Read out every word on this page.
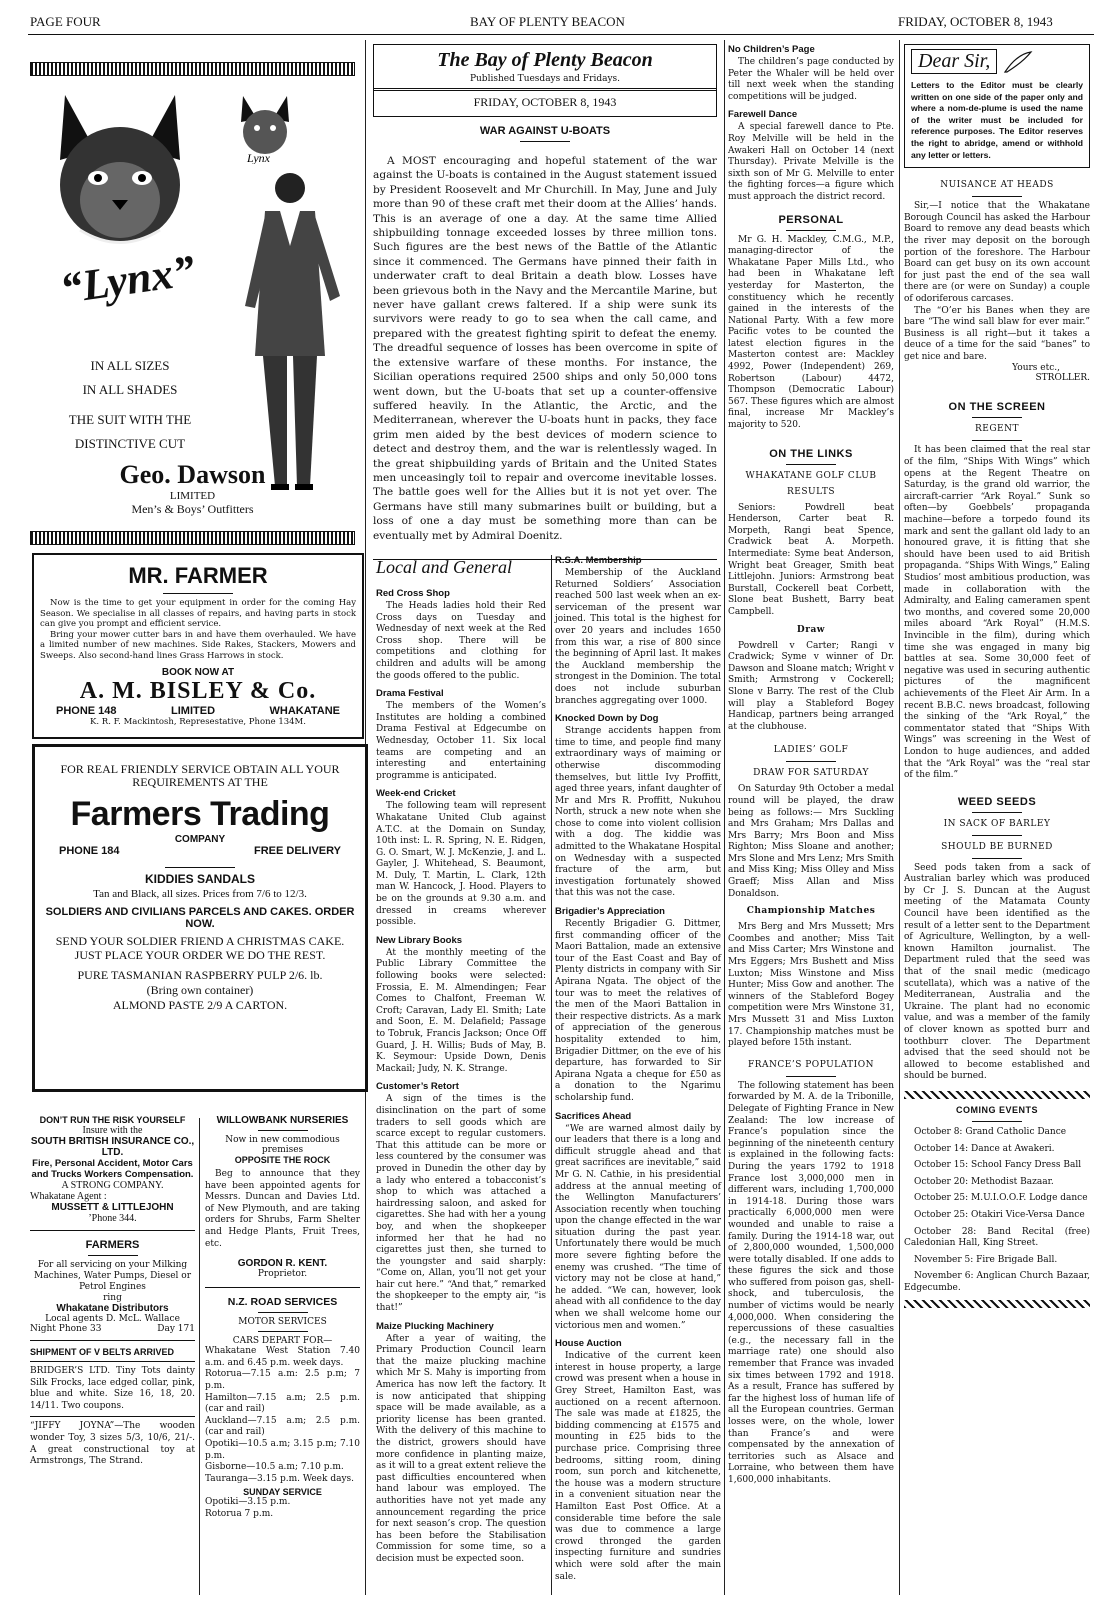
PAGE FOUR	BAY OF PLENTY BEACON	FRIDAY, OCTOBER 8, 1943
“Lynx”
Lynx
IN ALL SIZES
IN ALL SHADES
THE SUIT WITH THE
DISTINCTIVE CUT
Geo. Dawson
LIMITED
Men’s & Boys’ Outfitters
MR. FARMER

Now is the time to get your equipment in order for the coming Hay Season. We specialise in all classes of repairs, and having parts in stock can give you prompt and efficient service.

Bring your mower cutter bars in and have them overhauled. We have a limited number of new machines. Side Rakes, Stackers, Mowers and Sweeps. Also second-hand lines Grass Harrows in stock.

BOOK NOW AT
A. M. BISLEY & Co.
PHONE 148	LIMITED	WHAKATANE
K. R. F. Mackintosh, Represestative, Phone 134M.
FOR REAL FRIENDLY SERVICE OBTAIN ALL YOUR REQUIREMENTS AT THE
Farmers Trading
COMPANY
PHONE 184	FREE DELIVERY
KIDDIES SANDALS
Tan and Black, all sizes. Prices from 7/6 to 12/3.
SOLDIERS AND CIVILIANS PARCELS AND CAKES. ORDER NOW.
SEND YOUR SOLDIER FRIEND A CHRISTMAS CAKE. JUST PLACE YOUR ORDER WE DO THE REST.
PURE TASMANIAN RASPBERRY PULP 2/6. lb.
(Bring own container)
ALMOND PASTE 2/9 A CARTON.
DON’T RUN THE RISK YOURSELF
Insure with the
SOUTH BRITISH INSURANCE CO., LTD.
Fire, Personal Accident, Motor Cars and Trucks Workers Compensation.
A STRONG COMPANY.
Whakatane Agent :
MUSSETT & LITTLEJOHN
’Phone 344.
FARMERS
For all servicing on your Milking Machines, Water Pumps, Diesel or Petrol Engines
ring
Whakatane Distributors
Local agents D. McL. Wallace
Night Phone 33	Day 171
SHIPMENT OF V BELTS ARRIVED

BRIDGER’S LTD. Tiny Tots dainty Silk Frocks, lace edged collar, pink, blue and white. Size 16, 18, 20. 14/11. Two coupons.

“JIFFY JOYNA”—The wooden wonder Toy, 3 sizes 5/3, 10/6, 21/-. A great constructional toy at Armstrongs, The Strand.

WILLOWBANK NURSERIES
Now in new commodious premises
OPPOSITE THE ROCK

Beg to announce that they have been appointed agents for Messrs. Duncan and Davies Ltd. of New Plymouth, and are taking orders for Shrubs, Farm Shelter and Hedge Plants, Fruit Trees, etc.

GORDON R. KENT.
Proprietor.
N.Z. ROAD SERVICES
MOTOR SERVICES
CARS DEPART FOR—

Whakatane West Station 7.40 a.m. and 6.45 p.m. week days.

Rotorua—7.15 a.m: 2.5 p.m; 7 p.m.

Hamilton—7.15 a.m; 2.5 p.m. (car and rail)

Auckland—7.15 a.m; 2.5 p.m. (car and rail)

Opotiki—10.5 a.m; 3.15 p.m; 7.10 p.m.

Gisborne—10.5 a.m; 7.10 p.m.

Tauranga—3.15 p.m. Week days.

SUNDAY SERVICE

Opotiki—3.15 p.m.

Rotorua 7 p.m.

The Bay of Plenty Beacon
Published Tuesdays and Fridays.
FRIDAY, OCTOBER 8, 1943
WAR AGAINST U-BOATS

A MOST encouraging and hopeful statement of the war against the U-boats is contained in the August statement issued by President Roosevelt and Mr Churchill. In May, June and July more than 90 of these craft met their doom at the Allies’ hands. This is an average of one a day. At the same time Allied shipbuilding tonnage exceeded losses by three million tons. Such figures are the best news of the Battle of the Atlantic since it commenced. The Germans have pinned their faith in underwater craft to deal Britain a death blow. Losses have been grievous both in the Navy and the Mercantile Marine, but never have gallant crews faltered. If a ship were sunk its survivors were ready to go to sea when the call came, and prepared with the greatest fighting spirit to defeat the enemy. The dreadful sequence of losses has been overcome in spite of the extensive warfare of these months. For instance, the Sicilian operations required 2500 ships and only 50,000 tons went down, but the U-boats that set up a counter-offensive suffered heavily. In the Atlantic, the Arctic, and the Mediterranean, wherever the U-boats hunt in packs, they face grim men aided by the best devices of modern science to detect and destroy them, and the war is relentlessly waged. In the great shipbuilding yards of Britain and the United States men unceasingly toil to repair and overcome inevitable losses. The battle goes well for the Allies but it is not yet over. The Germans have still many submarines built or building, but a loss of one a day must be something more than can be eventually met by Admiral Doenitz.

Local and General
Red Cross Shop

The Heads ladies hold their Red Cross days on Tuesday and Wednesday of next week at the Red Cross shop. There will be competitions and clothing for children and adults will be among the goods offered to the public.

Drama Festival

The members of the Women’s Institutes are holding a combined Drama Festival at Edgecumbe on Wednesday, October 11. Six local teams are competing and an interesting and entertaining programme is anticipated.

Week-end Cricket

The following team will represent Whakatane United Club against A.T.C. at the Domain on Sunday, 10th inst: L. R. Spring, N. E. Ridgen, G. O. Smart, W. J. McKenzie, J. and L. Gayler, J. Whitehead, S. Beaumont, M. Duly, T. Martin, L. Clark, 12th man W. Hancock, J. Hood. Players to be on the grounds at 9.30 a.m. and dressed in creams wherever possible.

New Library Books

At the monthly meeting of the Public Library Committee the following books were selected: Frossia, E. M. Almendingen; Fear Comes to Chalfont, Freeman W. Croft; Caravan, Lady El. Smith; Late and Soon, E. M. Delafield; Passage to Tobruk, Francis Jackson; Once Off Guard, J. H. Willis; Buds of May, B. K. Seymour: Upside Down, Denis Mackail; Judy, N. K. Strange.

Customer’s Retort

A sign of the times is the disinclination on the part of some traders to sell goods which are scarce except to regular customers. That this attitude can be more or less countered by the consumer was proved in Dunedin the other day by a lady who entered a tobacconist’s shop to which was attached a hairdressing saloon, and asked for cigarettes. She had with her a young boy, and when the shopkeeper informed her that he had no cigarettes just then, she turned to the youngster and said sharply: “Come on, Allan, you’ll not get your hair cut here.” “And that,” remarked the shopkeeper to the empty air, “is that!”

Maize Plucking Machinery

After a year of waiting, the Primary Production Council learn that the maize plucking machine which Mr S. Mahy is importing from America has now left the factory. It is now anticipated that shipping space will be made available, as a priority license has been granted. With the delivery of this machine to the district, growers should have more confidence in planting maize, as it will to a great extent relieve the past difficulties encountered when hand labour was employed. The authorities have not yet made any announcement regarding the price for next season’s crop. The question has been before the Stabilisation Commission for some time, so a decision must be expected soon.

R.S.A. Membership

Membership of the Auckland Returned Soldiers’ Association reached 500 last week when an ex-serviceman of the present war joined. This total is the highest for over 20 years and includes 1650 from this war, a rise of 800 since the beginning of April last. It makes the Auckland membership the strongest in the Dominion. The total does not include suburban branches aggregating over 1000.

Knocked Down by Dog

Strange accidents happen from time to time, and people find many extraordinary ways of maiming or otherwise discommoding themselves, but little Ivy Proffitt, aged three years, infant daughter of Mr and Mrs R. Proffitt, Nukuhou North, struck a new note when she chose to come into violent collision with a dog. The kiddie was admitted to the Whakatane Hospital on Wednesday with a suspected fracture of the arm, but investigation fortunately showed that this was not the case.

Brigadier’s Appreciation

Recently Brigadier G. Dittmer, first commanding officer of the Maori Battalion, made an extensive tour of the East Coast and Bay of Plenty districts in company with Sir Apirana Ngata. The object of the tour was to meet the relatives of the men of the Maori Battalion in their respective districts. As a mark of appreciation of the generous hospitality extended to him, Brigadier Dittmer, on the eve of his departure, has forwarded to Sir Apirana Ngata a cheque for £50 as a donation to the Ngarimu scholarship fund.

Sacrifices Ahead

“We are warned almost daily by our leaders that there is a long and difficult struggle ahead and that great sacrifices are inevitable,” said Mr G. N. Cathie, in his presidential address at the annual meeting of the Wellington Manufacturers’ Association recently when touching upon the change effected in the war situation during the past year. Unfortunately there would be much more severe fighting before the enemy was crushed. “The time of victory may not be close at hand,” he added. “We can, however, look ahead with all confidence to the day when we shall welcome home our victorious men and women.”

House Auction

Indicative of the current keen interest in house property, a large crowd was present when a house in Grey Street, Hamilton East, was auctioned on a recent afternoon. The sale was made at £1825, the bidding commencing at £1575 and mounting in £25 bids to the purchase price. Comprising three bedrooms, sitting room, dining room, sun porch and kitchenette, the house was a modern structure in a convenient situation near the Hamilton East Post Office. At a considerable time before the sale was due to commence a large crowd thronged the garden inspecting furniture and sundries which were sold after the main sale.

No Children’s Page

The children’s page conducted by Peter the Whaler will be held over till next week when the standing competitions will be judged.

Farewell Dance

A special farewell dance to Pte. Roy Melville will be held in the Awakeri Hall on October 14 (next Thursday). Private Melville is the sixth son of Mr G. Melville to enter the fighting forces—a figure which must approach the district record.

PERSONAL

Mr G. H. Mackley, C.M.G., M.P., managing-director of the Whakatane Paper Mills Ltd., who had been in Whakatane left yesterday for Masterton, the constituency which he recently gained in the interests of the National Party. With a few more Pacific votes to be counted the latest election figures in the Masterton contest are: Mackley 4992, Power (Independent) 269, Robertson (Labour) 4472, Thompson (Democratic Labour) 567. These figures which are almost final, increase Mr Mackley’s majority to 520.

ON THE LINKS
WHAKATANE GOLF CLUB
RESULTS

Seniors: Powdrell beat Henderson, Carter beat R. Morpeth, Rangi beat Spence, Cradwick beat A. Morpeth. Intermediate: Syme beat Anderson, Wright beat Greager, Smith beat Littlejohn. Juniors: Armstrong beat Burstall, Cockerell beat Corbett, Slone beat Bushett, Barry beat Campbell.

Draw

Powdrell v Carter; Rangi v Cradwick; Syme v winner of Dr. Dawson and Sloane match; Wright v Smith; Armstrong v Cockerell; Slone v Barry. The rest of the Club will play a Stableford Bogey Handicap, partners being arranged at the clubhouse.

LADIES’ GOLF
DRAW FOR SATURDAY

On Saturday 9th October a medal round will be played, the draw being as follows:— Mrs Suckling and Mrs Graham; Mrs Dallas and Mrs Barry; Mrs Boon and Miss Righton; Miss Sloane and another; Mrs Slone and Mrs Lenz; Mrs Smith and Miss King; Miss Olley and Miss Graeff; Miss Allan and Miss Donaldson.

Championship Matches

Mrs Berg and Mrs Mussett; Mrs Coombes and another; Miss Tait and Miss Carter; Mrs Winstone and Mrs Eggers; Mrs Bushett and Miss Luxton; Miss Winstone and Miss Hunter; Miss Gow and another. The winners of the Stableford Bogey competition were Mrs Winstone 31, Mrs Mussett 31 and Miss Luxton 17. Championship matches must be played before 15th instant.

FRANCE’S POPULATION

The following statement has been forwarded by M. A. de la Tribonille, Delegate of Fighting France in New Zealand: The low increase of France’s population since the beginning of the nineteenth century is explained in the following facts: During the years 1792 to 1918 France lost 3,000,000 men in different wars, including 1,700,000 in 1914-18. During those wars practically 6,000,000 men were wounded and unable to raise a family. During the 1914-18 war, out of 2,800,000 wounded, 1,500,000 were totally disabled. If one adds to these figures the sick and those who suffered from poison gas, shell-shock, and tuberculosis, the number of victims would be nearly 4,000,000. When considering the repercussions of these casualties (e.g., the necessary fall in the marriage rate) one should also remember that France was invaded six times between 1792 and 1918. As a result, France has suffered by far the highest loss of human life of all the European countries. German losses were, on the whole, lower than France’s and were compensated by the annexation of territories such as Alsace and Lorraine, who between them have 1,600,000 inhabitants.

Dear Sir,

Letters to the Editor must be clearly written on one side of the paper only and where a nom-de-plume is used the name of the writer must be included for reference purposes. The Editor reserves the right to abridge, amend or withhold any letter or letters.

NUISANCE AT HEADS

Sir,—I notice that the Whakatane Borough Council has asked the Harbour Board to remove any dead beasts which the river may deposit on the borough portion of the foreshore. The Harbour Board can get busy on its own account for just past the end of the sea wall there are (or were on Sunday) a couple of odoriferous carcases.

The “O’er his Banes when they are bare “The wind sall blaw for ever mair.” Business is all right—but it takes a deuce of a time for the said “banes” to get nice and bare.

Yours etc.,
STROLLER.
ON THE SCREEN
REGENT

It has been claimed that the real star of the film, “Ships With Wings” which opens at the Regent Theatre on Saturday, is the grand old warrior, the aircraft-carrier “Ark Royal.” Sunk so often—by Goebbels’ propaganda machine—before a torpedo found its mark and sent the gallant old lady to an honoured grave, it is fitting that she should have been used to aid British propaganda. “Ships With Wings,” Ealing Studios’ most ambitious production, was made in collaboration with the Admiralty, and Ealing cameramen spent two months, and covered some 20,000 miles aboard “Ark Royal” (H.M.S. Invincible in the film), during which time she was engaged in many big battles at sea. Some 30,000 feet of negative was used in securing authentic pictures of the magnificent achievements of the Fleet Air Arm. In a recent B.B.C. news broadcast, following the sinking of the “Ark Royal,” the commentator stated that “Ships With Wings” was screening in the West of London to huge audiences, and added that the “Ark Royal” was the “real star of the film.”

WEED SEEDS
IN SACK OF BARLEY
SHOULD BE BURNED

Seed pods taken from a sack of Australian barley which was produced by Cr J. S. Duncan at the August meeting of the Matamata County Council have been identified as the result of a letter sent to the Department of Agriculture, Wellington, by a well-known Hamilton journalist. The Department ruled that the seed was that of the snail medic (medicago scutellata), which was a native of the Mediterranean, Australia and the Ukraine. The plant had no economic value, and was a member of the family of clover known as spotted burr and toothburr clover. The Department advised that the seed should not be allowed to become established and should be burned.

COMING EVENTS

October 8: Grand Catholic Dance

October 14: Dance at Awakeri.

October 15: School Fancy Dress Ball

October 20: Methodist Bazaar.

October 25: M.U.I.O.O.F. Lodge dance

October 25: Otakiri Vice-Versa Dance

October 28: Band Recital (free) Caledonian Hall, King Street.

November 5: Fire Brigade Ball.

November 6: Anglican Church Bazaar, Edgecumbe.
